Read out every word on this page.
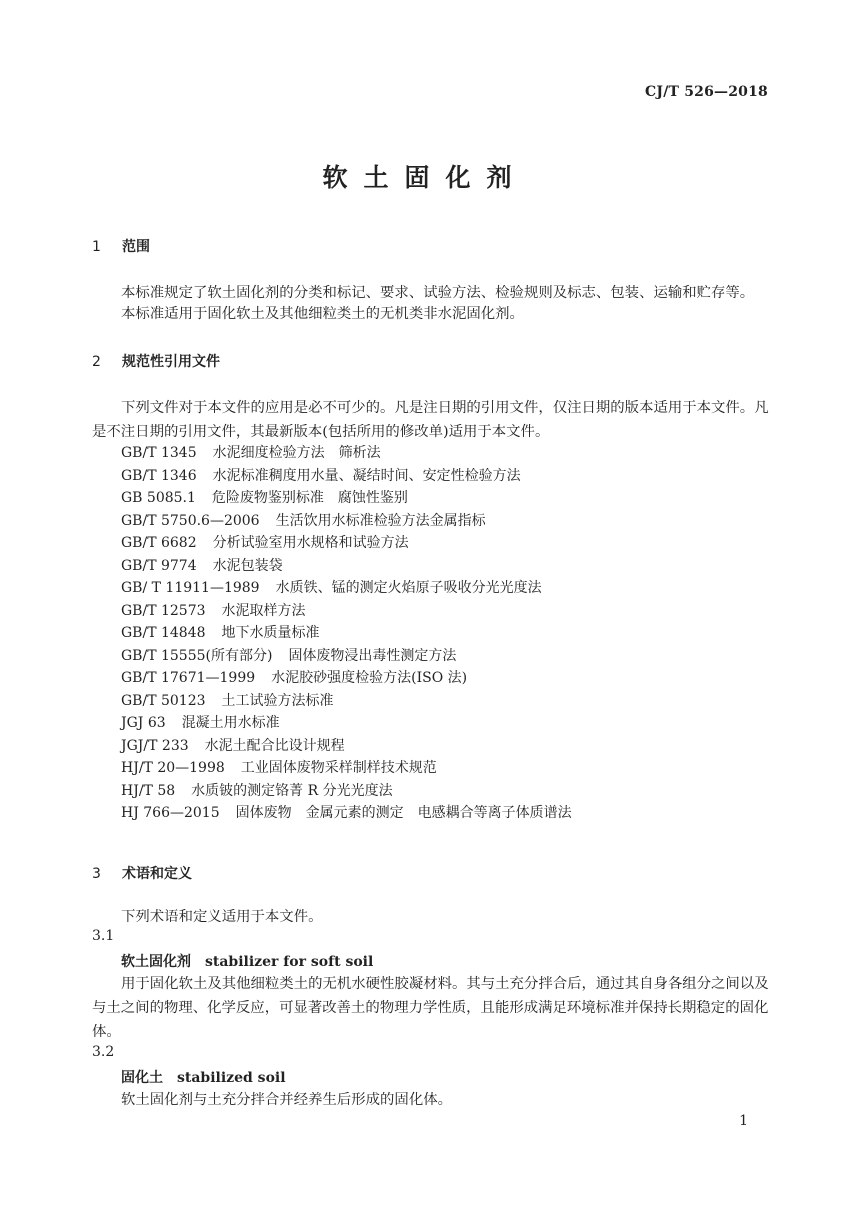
CJ/T 526—2018
软土固化剂
1 范围
本标准规定了软土固化剂的分类和标记、要求、试验方法、检验规则及标志、包装、运输和贮存等。
本标准适用于固化软土及其他细粒类土的无机类非水泥固化剂。
2 规范性引用文件
下列文件对于本文件的应用是必不可少的。凡是注日期的引用文件，仅注日期的版本适用于本文件。凡是不注日期的引用文件，其最新版本(包括所用的修改单)适用于本文件。
GB/T 1345 水泥细度检验方法　筛析法
GB/T 1346 水泥标准稠度用水量、凝结时间、安定性检验方法
GB 5085.1 危险废物鉴别标准　腐蚀性鉴别
GB/T 5750.6—2006 生活饮用水标准检验方法金属指标
GB/T 6682 分析试验室用水规格和试验方法
GB/T 9774 水泥包装袋
GB/ T 11911—1989 水质铁、锰的测定火焰原子吸收分光光度法
GB/T 12573 水泥取样方法
GB/T 14848 地下水质量标准
GB/T 15555(所有部分) 固体废物浸出毒性测定方法
GB/T 17671—1999 水泥胶砂强度检验方法(ISO 法)
GB/T 50123 土工试验方法标准
JGJ 63 混凝土用水标准
JGJ/T 233 水泥土配合比设计规程
HJ/T 20—1998 工业固体废物采样制样技术规范
HJ/T 58 水质铍的测定铬菁 R 分光光度法
HJ 766—2015 固体废物　金属元素的测定　电感耦合等离子体质谱法
3 术语和定义
下列术语和定义适用于本文件。
3.1
软土固化剂 stabilizer for soft soil
用于固化软土及其他细粒类土的无机水硬性胶凝材料。其与土充分拌合后，通过其自身各组分之间以及与土之间的物理、化学反应，可显著改善土的物理力学性质，且能形成满足环境标准并保持长期稳定的固化体。
3.2
固化土 stabilized soil
软土固化剂与土充分拌合并经养生后形成的固化体。
1
